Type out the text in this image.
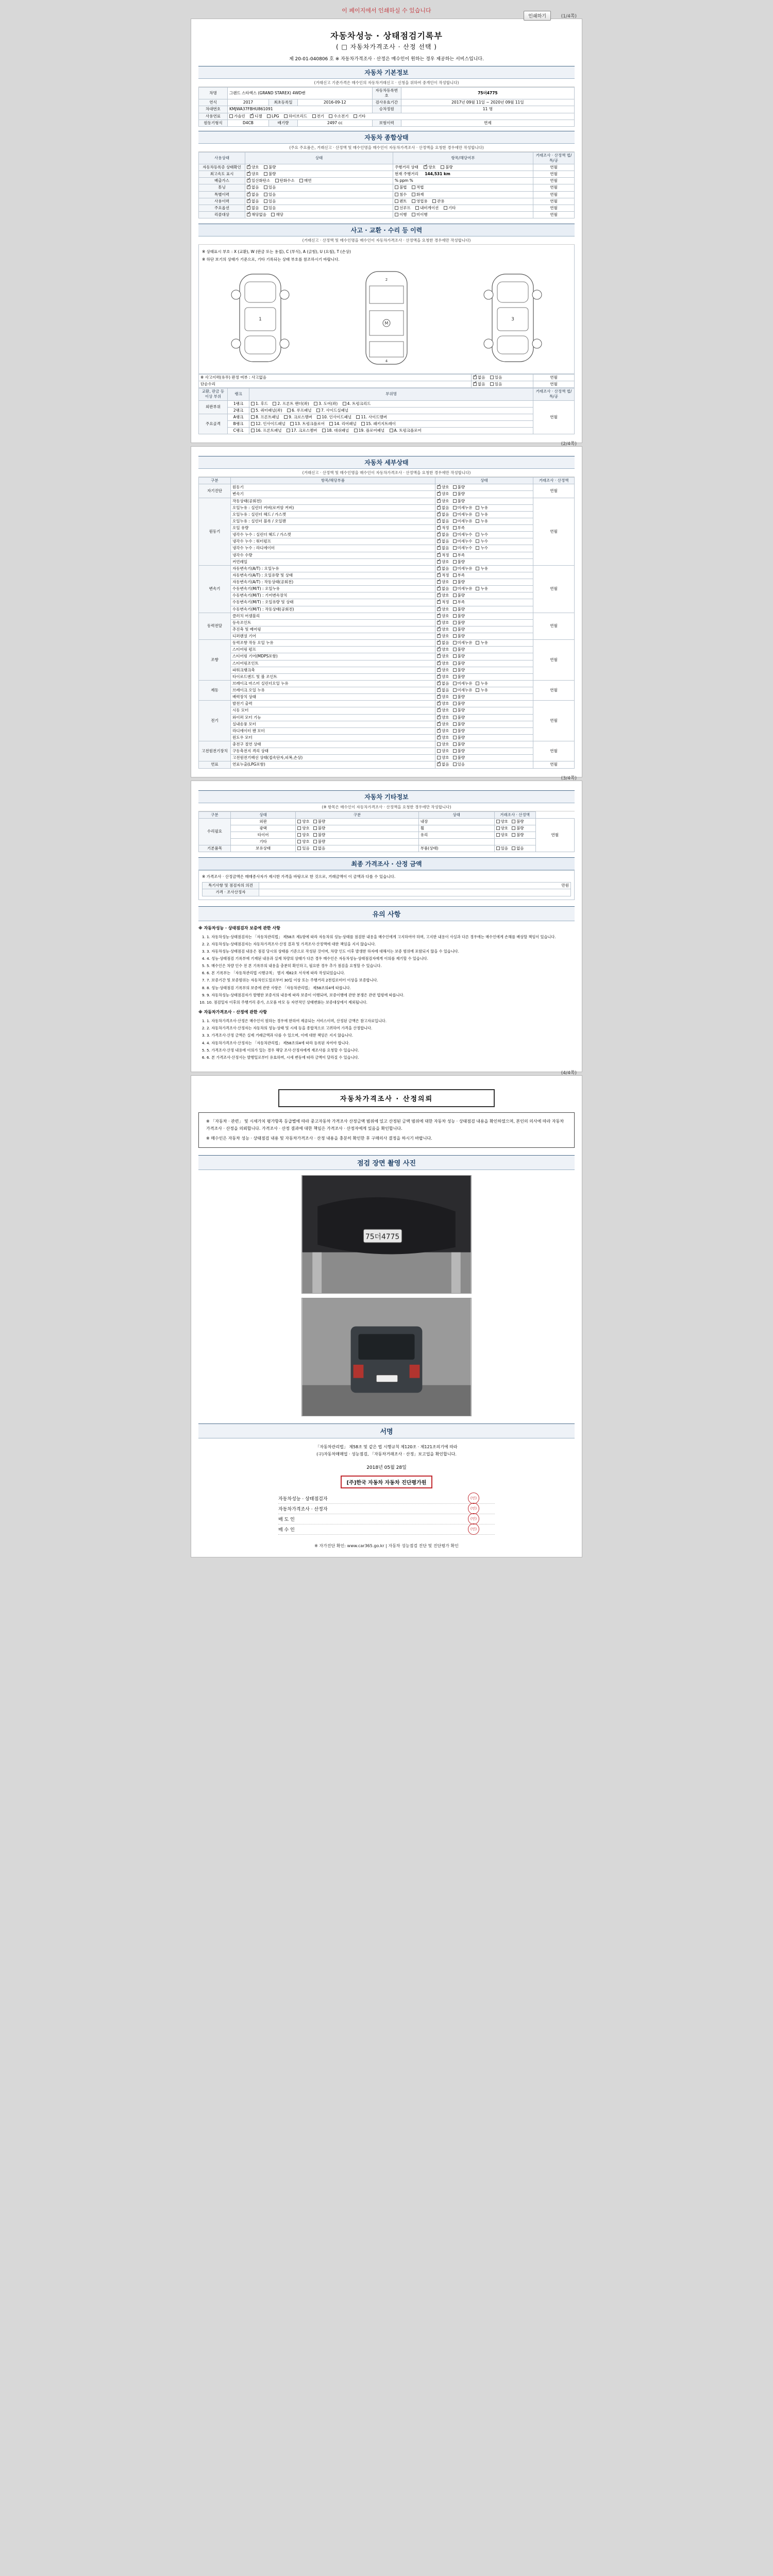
이 페이지에서 인쇄하실 수 있습니다
인쇄하기	(1/4쪽)
자동차성능 · 상태점검기록부
( □ 자동차가격조사 · 산정 선택 )
제 20-01-040806 호 ※ 자동차가격조사 · 산정은 매수인이 원하는 경우 제공하는 서비스입니다.
자동차 기본정보
(거래신고 기준가격은 매수인의 자동차거래신고 · 신청을 위하여 중개인이 작성합니다)
차명	그랜드 스타렉스 (GRAND STAREX) 4WD밴			자동차등록번호	75더4775
연식	2017	최초등록일	2016-09-12	검사유효기간	2017년 09월 11일 ~ 2020년 09월 11일
차대번호	KMJWA37FBHU861091			승차정원	11 명
사용연료	가솔린 ✓ 디젤 LPG 하이브리드 전기 수소전기 기타
원동기형식	D4CB	배기량	2497 cc	보험이력	면제
자동차 종합상태
(주요 주요품은, 거래신고 · 산정액 및 매수인명을 매수인이 자동차가격조사 · 산정액을 요청한 경우에만 작성합니다)
사용상태	상태	항목/해당여부	거래조사 · 산정액 법/특/공
자동차등록증 상태확인	✓양호 불량	주행거리 상태 ✓ 양호 불량	연월
최고속도 표시	✓양호 불량	현재 주행거리 144,531 km	연월
배출가스	✓일산화탄소 탄화수소 매연	% ppm %	연월
튜닝	✓없음 있음	불법 적법	연월
특별이력	✓없음 있음	침수 화재	연월
사용이력	✓없음 있음	렌트 영업용 관용	연월
주요옵션	✓없음 있음	선루프 내비게이션 기타	연월
리콜대상	✓해당없음 해당	이행 미이행	연월
사고 · 교환 · 수리 등 이력
(거래신고 · 산정액 및 매수인명을 매수인이 자동차가격조사 · 산정액을 요청한 경우에만 작성합니다)
※ 상태표시 부호 : X (교환), W (판금 또는 용접), C (부식), A (긁힘), U (요철), T (손상)
※ 하단 보기의 상태가 기준으로, 기타 기록되는 상태 부호를 참조하시기 바랍니다.
1
M
2
4
3
※ 사고이력(유무) 판정 여부 : 사고없음	✓없음 있음	연월
단순수리	✓없음 있음	연월
교환, 판금 등 이상 부위	랭크	부위명	거래조사 · 산정액 법/특/공
외판부위	1랭크	1. 후드 2. 프론트 팬더(좌) 3. 도어(좌) 4. 트렁크리드	연월
	2랭크	5. 쿼터패널(좌) 6. 루프패널 7. 사이드실패널	
주요골격	A랭크	8. 프론트패널 9. 크로스멤버 10. 인사이드패널 11. 사이드멤버	
	B랭크	12. 인사이드패널 13. 트렁크플로어 14. 리어패널 15. 패키지트레이	
	C랭크	16. 프론트패널 17. 크로스멤버 18. 대쉬패널 19. 플로어패널 A. 트렁크플로어	
(2/4쪽)
자동차 세부상태
(거래신고 · 산정액 및 매수인명을 매수인이 자동차가격조사 · 산정액을 요청한 경우에만 작성합니다)
구분	항목/해당부품	상태	거래조사 · 산정액
자기진단	원동기	✓양호 불량	연월
	변속기	✓양호 불량
원동기	작동상태(공회전)	✓양호 불량	연월
	오일누유 : 실린더 커버(로커암 커버)	✓없음 미세누유 누유
	오일누유 : 실린더 헤드 / 가스켓	✓없음 미세누유 누유
	오일누유 : 실린더 블록 / 오일팬	✓없음 미세누유 누유
	오일 유량	✓적정 부족
	냉각수 누수 : 실린더 헤드 / 가스켓	✓없음 미세누수 누수
	냉각수 누수 : 워터펌프	✓없음 미세누수 누수
	냉각수 누수 : 라디에이터	✓없음 미세누수 누수
	냉각수 수량	✓적정 부족
	커먼레일	✓양호 불량
변속기	자동변속기(A/T) : 오일누유	✓없음 미세누유 누유	연월
	자동변속기(A/T) : 오일유량 및 상태	✓적정 부족
	자동변속기(A/T) : 작동상태(공회전)	✓양호 불량
	수동변속기(M/T) : 오일누유	✓없음 미세누유 누유
	수동변속기(M/T) : 기어변속장치	✓양호 불량
	수동변속기(M/T) : 오일유량 및 상태	✓적정 부족
	수동변속기(M/T) : 작동상태(공회전)	✓양호 불량
동력전달	클러치 어셈블리	✓양호 불량	연월
	등속조인트	✓양호 불량
	추진축 및 베어링	✓양호 불량
	디퍼렌셜 기어	✓양호 불량
조향	동력조향 작동 오일 누유	✓없음 미세누유 누유	연월
	스티어링 펌프	✓양호 불량
	스티어링 기어(MDPS포함)	✓양호 불량
	스티어링조인트	✓양호 불량
	파워크랭크축	✓양호 불량
	타이로드엔드 및 볼 조인트	✓양호 불량
제동	브레이크 마스터 실린더오일 누유	✓없음 미세누유 누유	연월
	브레이크 오일 누유	✓없음 미세누유 누유
	배력장치 상태	✓양호 불량
전기	발전기 출력	✓양호 불량	연월
	시동 모터	✓양호 불량
	와이퍼 모터 기능	✓양호 불량
	실내송풍 모터	✓양호 불량
	라디에이터 팬 모터	✓양호 불량
	윈도우 모터	✓양호 불량
고전원전기장치	충전구 절연 상태	양호 불량	연월
	구동축전지 격리 상태	양호 불량	
	고전원전기배선 상태(접속단자,피복,손상)	양호 불량	
연료	연료누출(LPG포함)	✓없음 있음	연월
(3/4쪽)
자동차 기타정보
(※ 항목은 매수인이 자동차가격조사 · 산정액을 요청한 경우에만 작성합니다)
구분	상태	구분	상태	거래조사 · 산정액	
수리필요	외판	양호 불량	내장	양호 불량	연월
	광택	양호 불량	휠	양호 불량	
	타이어	양호 불량	유리	양호 불량	
	기타	양호 불량			
기본품목	보유상태	있음 없음	부품(상태)	있음 없음	
최종 가격조사 · 산정 금액
※ 가격조사 · 산정금액은 매매종사자가 제시한 가격을 바탕으로 한 것으로, 거래금액이 이 금액과 다를 수 있습니다.
특기사항 및 점검자의 의견	만원
가격 · 조사산정자	
유의 사항
※ 자동차성능 · 상태점검자 보증에 관한 사항
1. 1. 자동차성능·상태점검자는 「자동차관리법」 제58조 제1항에 따라 자동차의 성능·상태를 점검한 내용을 매수인에게 고지하여야 하며, 고지한 내용이 사실과 다른 경우에는 매수인에게 손해를 배상할 책임이 있습니다.
2. 2. 자동차성능·상태점검자는 자동차가격조사·산정 결과 및 가격조사·산정액에 대한 책임을 지지 않습니다.
3. 3. 자동차성능·상태점검 내용은 점검 당시의 상태를 기준으로 작성된 것이며, 차량 인도 이후 발생한 하자에 대해서는 보증 범위에 포함되지 않을 수 있습니다.
4. 4. 성능·상태점검 기록부에 기재된 내용과 실제 차량의 상태가 다른 경우 매수인은 자동차성능·상태점검자에게 이의를 제기할 수 있습니다.
5. 5. 매수인은 차량 인수 전 본 기록부의 내용을 충분히 확인하고, 필요한 경우 추가 점검을 요청할 수 있습니다.
6. 6. 본 기록부는 「자동차관리법 시행규칙」 별지 제82호 서식에 따라 작성되었습니다.
7. 7. 보증기간 및 보증범위는 자동차인도일로부터 30일 이상 또는 주행거리 2천킬로미터 이상을 보증합니다.
8. 8. 성능·상태점검 기록부의 보증에 관한 사항은 「자동차관리법」 제58조의4에 따릅니다.
9. 9. 자동차성능·상태점검자가 발행한 보증서의 내용에 따라 보증이 이행되며, 보증이행에 관한 분쟁은 관련 법령에 따릅니다.
10. 10. 점검일자 이후의 주행거리 증가, 소모품 마모 등 자연적인 상태변화는 보증대상에서 제외됩니다.
※ 자동차가격조사 · 산정에 관한 사항
1. 1. 자동차가격조사·산정은 매수인이 원하는 경우에 한하여 제공되는 서비스이며, 산정된 금액은 참고자료입니다.
2. 2. 자동차가격조사·산정자는 자동차의 성능·상태 및 시세 등을 종합적으로 고려하여 가격을 산정합니다.
3. 3. 가격조사·산정 금액은 실제 거래금액과 다를 수 있으며, 이에 대한 책임은 지지 않습니다.
4. 4. 자동차가격조사·산정자는 「자동차관리법」 제58조의4에 따라 등록된 자여야 합니다.
5. 5. 가격조사·산정 내용에 이의가 있는 경우 해당 조사·산정자에게 재조사를 요청할 수 있습니다.
6. 6. 본 가격조사·산정서는 발행일로부터 유효하며, 시세 변동에 따라 금액이 달라질 수 있습니다.
(4/4쪽)
자동차가격조사 · 산정의뢰
※ 「자동차 · 관련」 및 시세가치 평가항목 등급별에 따라 중고자동차 가격조사 산정금액 범위에 있고 산정된 금액 범위에 대한 자동차 성능 · 상태점검 내용을 확인하였으며, 본인의 의사에 따라 자동차가격조사 · 산정을 의뢰합니다. 가격조사 · 산정 결과에 대한 책임은 가격조사 · 산정자에게 있음을 확인합니다.
※ 매수인은 자동차 성능 · 상태점검 내용 및 자동차가격조사 · 산정 내용을 충분히 확인한 후 구매의사 결정을 하시기 바랍니다.
점검 장면 촬영 사진
75더4775
서명
「자동차관리법」 제58조 및 같은 법 시행규칙 제120조 · 제121조의기에 따라
(구)자동차매매업 · 성능점검, 「자동차거래조사 · 산정」보고업을 확인합니다.
2018년 05월 28일
[주]한국 자동차 자동차 진단평가원
자동차성능 · 상태점검자	(인)
자동차가격조사 · 산정자	(인)
매 도 인	(인)
매 수 인	(인)
※ 자가진단 확인: www.car365.go.kr | 자동차 성능점검 진단 및 진단평가 확인
